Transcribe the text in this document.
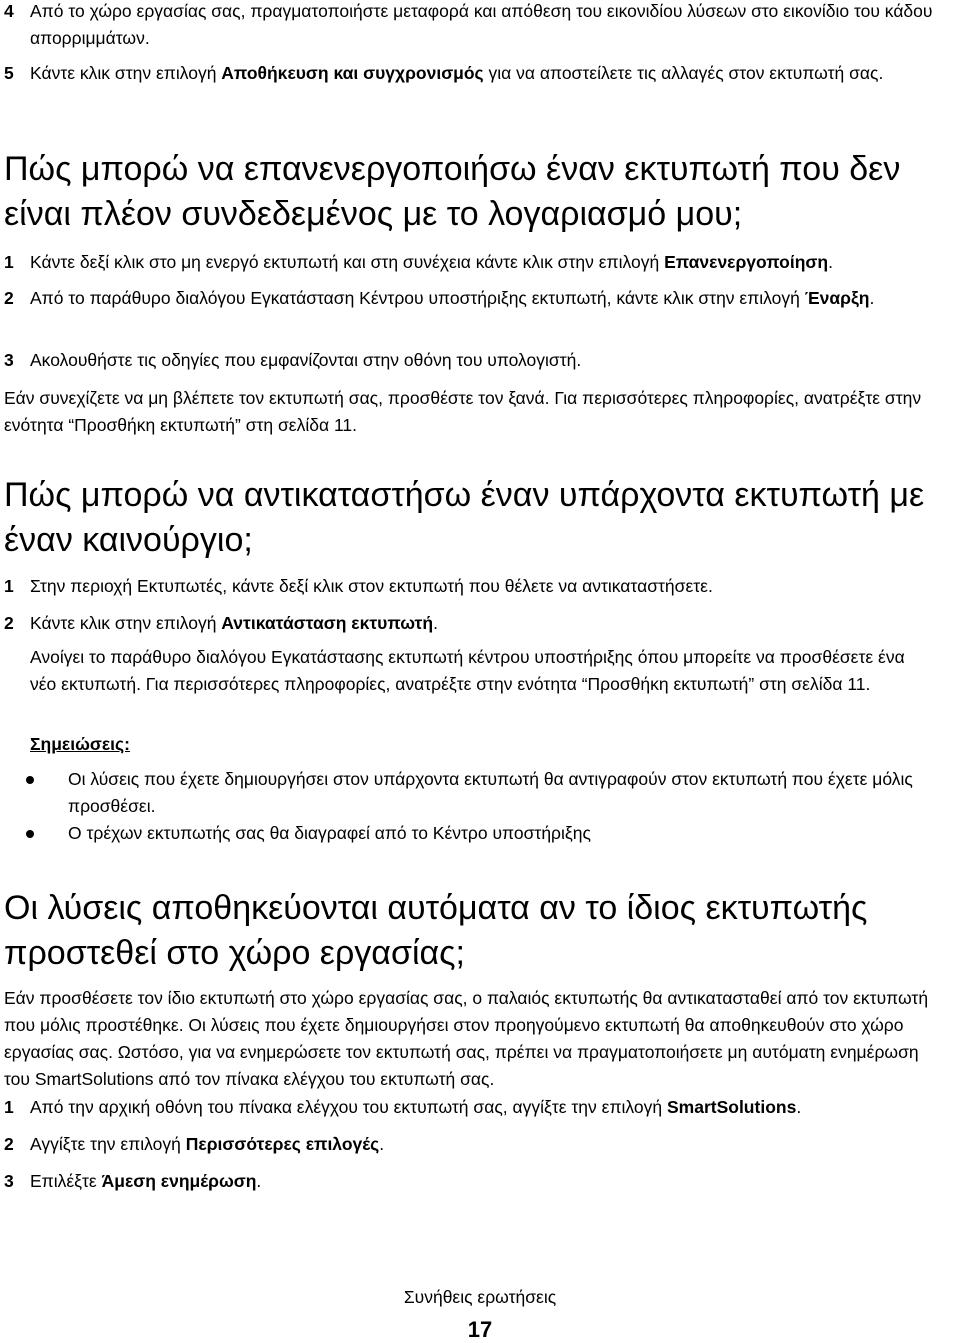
4 Από το χώρο εργασίας σας, πραγματοποιήστε μεταφορά και απόθεση του εικονιδίου λύσεων στο εικονίδιο του κάδου απορριμμάτων.
5 Κάντε κλικ στην επιλογή Αποθήκευση και συγχρονισμός για να αποστείλετε τις αλλαγές στον εκτυπωτή σας.
Πώς μπορώ να επανενεργοποιήσω έναν εκτυπωτή που δεν είναι πλέον συνδεδεμένος με το λογαριασμό μου;
1 Κάντε δεξί κλικ στο μη ενεργό εκτυπωτή και στη συνέχεια κάντε κλικ στην επιλογή Επανενεργοποίηση.
2 Από το παράθυρο διαλόγου Εγκατάσταση Κέντρου υποστήριξης εκτυπωτή, κάντε κλικ στην επιλογή Έναρξη.
3 Ακολουθήστε τις οδηγίες που εμφανίζονται στην οθόνη του υπολογιστή.
Εάν συνεχίζετε να μη βλέπετε τον εκτυπωτή σας, προσθέστε τον ξανά. Για περισσότερες πληροφορίες, ανατρέξτε στην ενότητα “Προσθήκη εκτυπωτή” στη σελίδα 11.
Πώς μπορώ να αντικαταστήσω έναν υπάρχοντα εκτυπωτή με έναν καινούργιο;
1 Στην περιοχή Εκτυπωτές, κάντε δεξί κλικ στον εκτυπωτή που θέλετε να αντικαταστήσετε.
2 Κάντε κλικ στην επιλογή Αντικατάσταση εκτυπωτή.
Ανοίγει το παράθυρο διαλόγου Εγκατάστασης εκτυπωτή κέντρου υποστήριξης όπου μπορείτε να προσθέσετε ένα νέο εκτυπωτή. Για περισσότερες πληροφορίες, ανατρέξτε στην ενότητα “Προσθήκη εκτυπωτή” στη σελίδα 11.
Σημειώσεις:
Οι λύσεις που έχετε δημιουργήσει στον υπάρχοντα εκτυπωτή θα αντιγραφούν στον εκτυπωτή που έχετε μόλις προσθέσει.
Ο τρέχων εκτυπωτής σας θα διαγραφεί από το Κέντρο υποστήριξης
Οι λύσεις αποθηκεύονται αυτόματα αν το ίδιος εκτυπωτής προστεθεί στο χώρο εργασίας;
Εάν προσθέσετε τον ίδιο εκτυπωτή στο χώρο εργασίας σας, ο παλαιός εκτυπωτής θα αντικατασταθεί από τον εκτυπωτή που μόλις προστέθηκε. Οι λύσεις που έχετε δημιουργήσει στον προηγούμενο εκτυπωτή θα αποθηκευθούν στο χώρο εργασίας σας. Ωστόσο, για να ενημερώσετε τον εκτυπωτή σας, πρέπει να πραγματοποιήσετε μη αυτόματη ενημέρωση του SmartSolutions από τον πίνακα ελέγχου του εκτυπωτή σας.
1 Από την αρχική οθόνη του πίνακα ελέγχου του εκτυπωτή σας, αγγίξτε την επιλογή SmartSolutions.
2 Αγγίξτε την επιλογή Περισσότερες επιλογές.
3 Επιλέξτε Άμεση ενημέρωση.
Συνήθεις ερωτήσεις
17
